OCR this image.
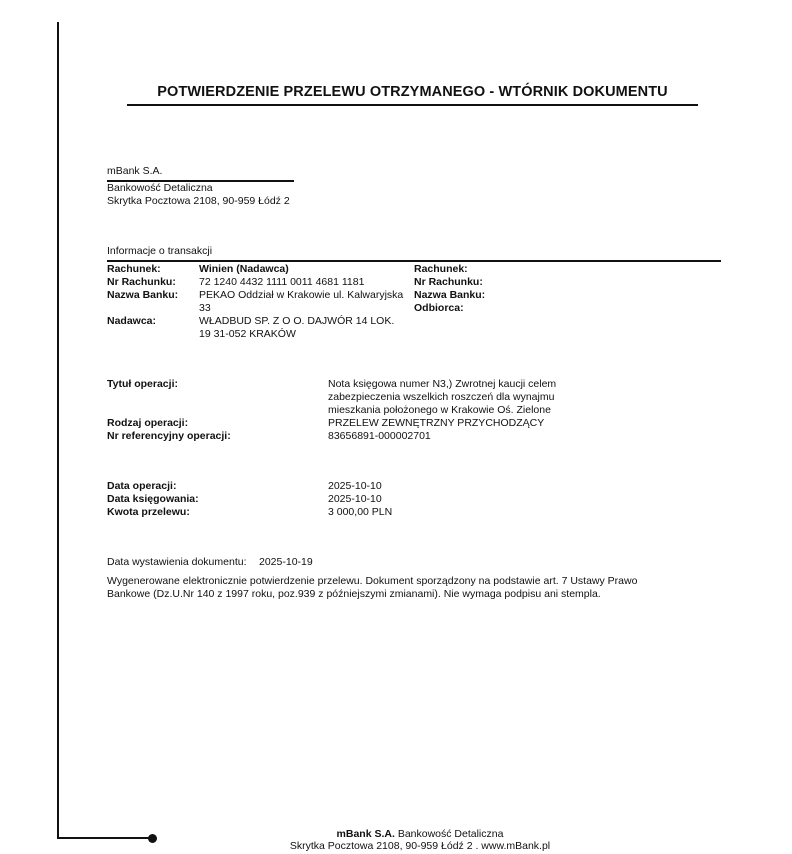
POTWIERDZENIE PRZELEWU OTRZYMANEGO - WTÓRNIK DOKUMENTU
mBank S.A.
Bankowość Detaliczna
Skrytka Pocztowa 2108, 90-959 Łódź 2
Informacje o transakcji
Rachunek:	Winien (Nadawca)
Nr Rachunku: 72 1240 4432 1111 0011 4681 1181
Nazwa Banku: PEKAO Oddział w Krakowie ul. Kalwaryjska 33
Nadawca:	WŁADBUD SP. Z O O. DAJWÓR 14 LOK. 19 31-052 KRAKÓW
Rachunek:
Nr Rachunku:
Nazwa Banku:
Odbiorca:
Tytuł operacji:	Nota księgowa numer N3,) Zwrotnej kaucji celem zabezpieczenia wszelkich roszczeń dla wynajmu mieszkania położonego w Krakowie Oś. Zielone
Rodzaj operacji:	PRZELEW ZEWNĘTRZNY PRZYCHODZĄCY
Nr referencyjny operacji:	83656891-000002701
Data operacji:	2025-10-10
Data księgowania:	2025-10-10
Kwota przelewu:	3 000,00 PLN
Data wystawienia dokumentu: 2025-10-19
Wygenerowane elektronicznie potwierdzenie przelewu. Dokument sporządzony na podstawie art. 7 Ustawy Prawo Bankowe (Dz.U.Nr 140 z 1997 roku, poz.939 z późniejszymi zmianami). Nie wymaga podpisu ani stempla.
mBank S.A. Bankowość Detaliczna
Skrytka Pocztowa 2108, 90-959 Łódź 2 . www.mBank.pl
